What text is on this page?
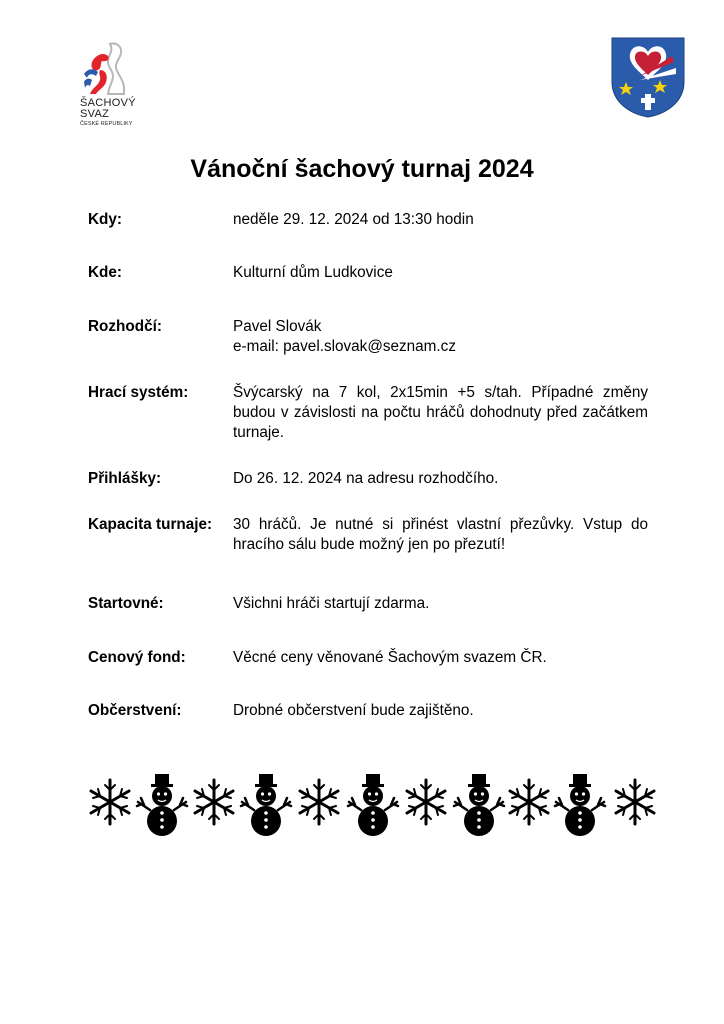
ŠACHOVÝ
SVAZ
ČESKÉ REPUBLIKY
Vánoční šachový turnaj 2024
Kdy:	neděle 29. 12. 2024 od 13:30 hodin
Kde:	Kulturní dům Ludkovice
Rozhodčí:	Pavel Slovák
e-mail: pavel.slovak@seznam.cz
Hrací systém:	Švýcarský na 7 kol, 2x15min +5 s/tah. Případné změny budou v závislosti na počtu hráčů dohodnuty před začátkem turnaje.
Přihlášky:	Do 26. 12. 2024 na adresu rozhodčího.
Kapacita turnaje: 30 hráčů. Je nutné si přinést vlastní přezůvky. Vstup do hracího sálu bude možný jen po přezutí!
Startovné:	Všichni hráči startují zdarma.
Cenový fond:	Věcné ceny věnované Šachovým svazem ČR.
Občerstvení:	Drobné občerstvení bude zajištěno.
